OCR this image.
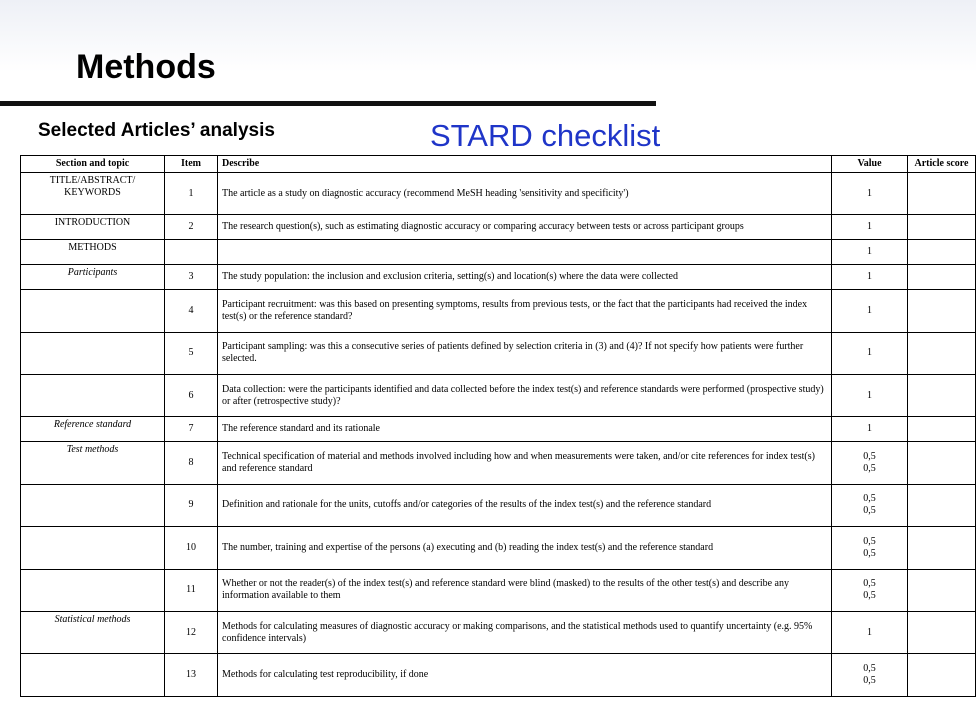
Methods
Selected Articles’ analysis	STARD checklist
Section and topic	Item	Describe	Value	Article score
TITLE/ABSTRACT/ KEYWORDS	1	The article as a study on diagnostic accuracy (recommend MeSH heading 'sensitivity and specificity')	1	

INTRODUCTION	2	The research question(s), such as estimating diagnostic accuracy or comparing accuracy between tests or across participant groups	1	

METHODS			1	

Participants	3	The study population: the inclusion and exclusion criteria, setting(s) and location(s) where the data were collected	1	

	4	Participant recruitment: was this based on presenting symptoms, results from previous tests, or the fact that the participants had received the index test(s) or the reference standard?	1	

	5	Participant sampling: was this a consecutive series of patients defined by selection criteria in (3) and (4)? If not specify how patients were further selected.	1	

	6	Data collection: were the participants identified and data collected before the index test(s) and reference standards were performed (prospective study) or after (retrospective study)?	1	

Reference standard	7	The reference standard and its rationale	1	

Test methods	8	Technical specification of material and methods involved including how and when measurements were taken, and/or cite references for index test(s) and reference standard	0,5
0,5	

	9	Definition and rationale for the units, cutoffs and/or categories of the results of the index test(s) and the reference standard	0,5
0,5	

	10	The number, training and expertise of the persons (a) executing and (b) reading the index test(s) and the reference standard	0,5
0,5	

	11	Whether or not the reader(s) of the index test(s) and reference standard were blind (masked) to the results of the other test(s) and describe any information available to them	0,5
0,5	

Statistical methods	12	Methods for calculating measures of diagnostic accuracy or making comparisons, and the statistical methods used to quantify uncertainty (e.g. 95% confidence intervals)	1	

	13	Methods for calculating test reproducibility, if done	0,5
0,5	
